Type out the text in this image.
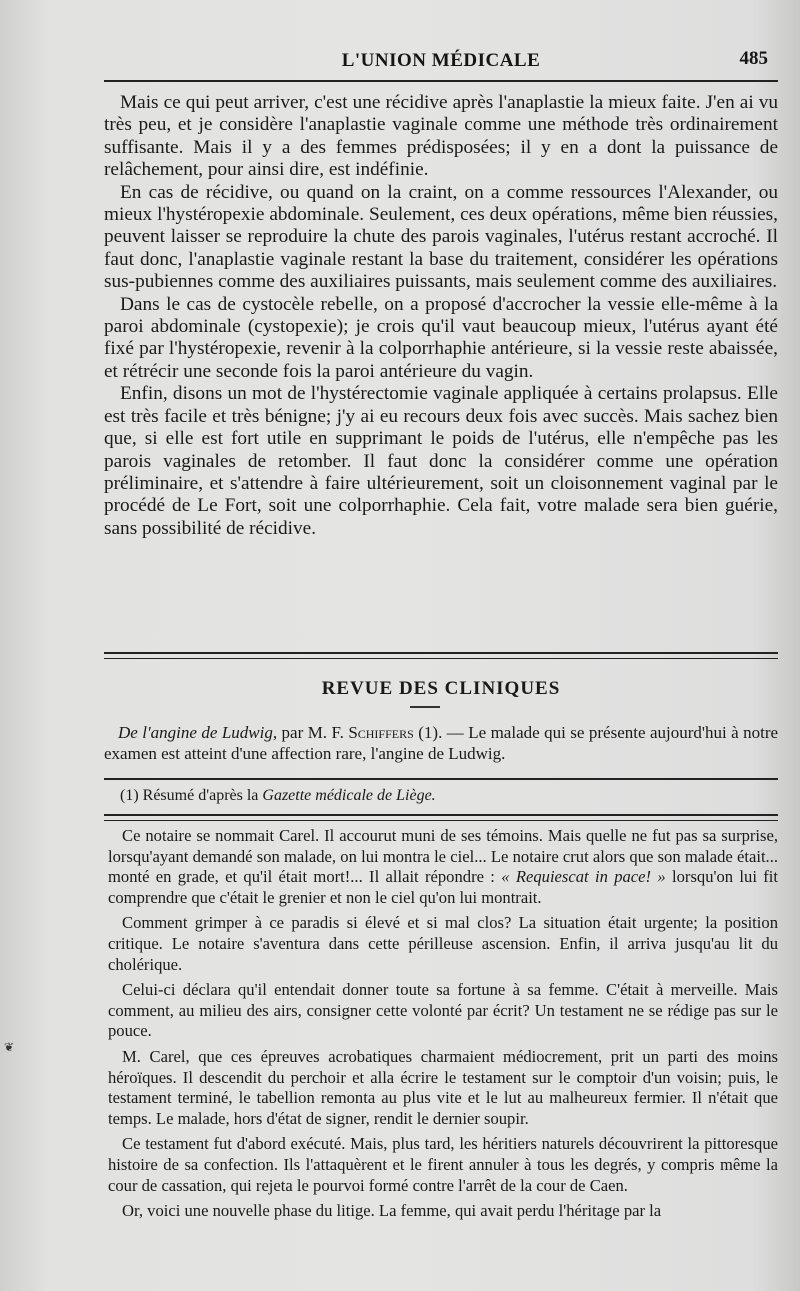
L'UNION MÉDICALE	485

Mais ce qui peut arriver, c'est une récidive après l'anaplastie la mieux faite. J'en ai vu très peu, et je considère l'anaplastie vaginale comme une méthode très ordinairement suffisante. Mais il y a des femmes prédisposées; il y en a dont la puissance de relâchement, pour ainsi dire, est indéfinie.

En cas de récidive, ou quand on la craint, on a comme ressources l'Alexander, ou mieux l'hystéropexie abdominale. Seulement, ces deux opérations, même bien réussies, peuvent laisser se reproduire la chute des parois vaginales, l'utérus restant accroché. Il faut donc, l'anaplastie vaginale restant la base du traitement, considérer les opérations sus-pubiennes comme des auxiliaires puissants, mais seulement comme des auxiliaires.

Dans le cas de cystocèle rebelle, on a proposé d'accrocher la vessie elle-même à la paroi abdominale (cystopexie); je crois qu'il vaut beaucoup mieux, l'utérus ayant été fixé par l'hystéropexie, revenir à la colporrhaphie antérieure, si la vessie reste abaissée, et rétrécir une seconde fois la paroi antérieure du vagin.

Enfin, disons un mot de l'hystérectomie vaginale appliquée à certains prolapsus. Elle est très facile et très bénigne; j'y ai eu recours deux fois avec succès. Mais sachez bien que, si elle est fort utile en supprimant le poids de l'utérus, elle n'empêche pas les parois vaginales de retomber. Il faut donc la considérer comme une opération préliminaire, et s'attendre à faire ultérieurement, soit un cloisonnement vaginal par le procédé de Le Fort, soit une colporrhaphie. Cela fait, votre malade sera bien guérie, sans possibilité de récidive.

REVUE DES CLINIQUES

De l'angine de Ludwig, par M. F. Schiffers (1). — Le malade qui se présente aujourd'hui à notre examen est atteint d'une affection rare, l'angine de Ludwig.

(1) Résumé d'après la Gazette médicale de Liège.

Ce notaire se nommait Carel. Il accourut muni de ses témoins. Mais quelle ne fut pas sa surprise, lorsqu'ayant demandé son malade, on lui montra le ciel... Le notaire crut alors que son malade était... monté en grade, et qu'il était mort!... Il allait répondre : « Requiescat in pace! » lorsqu'on lui fit comprendre que c'était le grenier et non le ciel qu'on lui montrait.

Comment grimper à ce paradis si élevé et si mal clos? La situation était urgente; la position critique. Le notaire s'aventura dans cette périlleuse ascension. Enfin, il arriva jusqu'au lit du cholérique.

Celui-ci déclara qu'il entendait donner toute sa fortune à sa femme. C'était à merveille. Mais comment, au milieu des airs, consigner cette volonté par écrit? Un testament ne se rédige pas sur le pouce.

M. Carel, que ces épreuves acrobatiques charmaient médiocrement, prit un parti des moins héroïques. Il descendit du perchoir et alla écrire le testament sur le comptoir d'un voisin; puis, le testament terminé, le tabellion remonta au plus vite et le lut au malheureux fermier. Il n'était que temps. Le malade, hors d'état de signer, rendit le dernier soupir.

Ce testament fut d'abord exécuté. Mais, plus tard, les héritiers naturels découvrirent la pittoresque histoire de sa confection. Ils l'attaquèrent et le firent annuler à tous les degrés, y compris même la cour de cassation, qui rejeta le pourvoi formé contre l'arrêt de la cour de Caen.

Or, voici une nouvelle phase du litige. La femme, qui avait perdu l'héritage par la

❦
